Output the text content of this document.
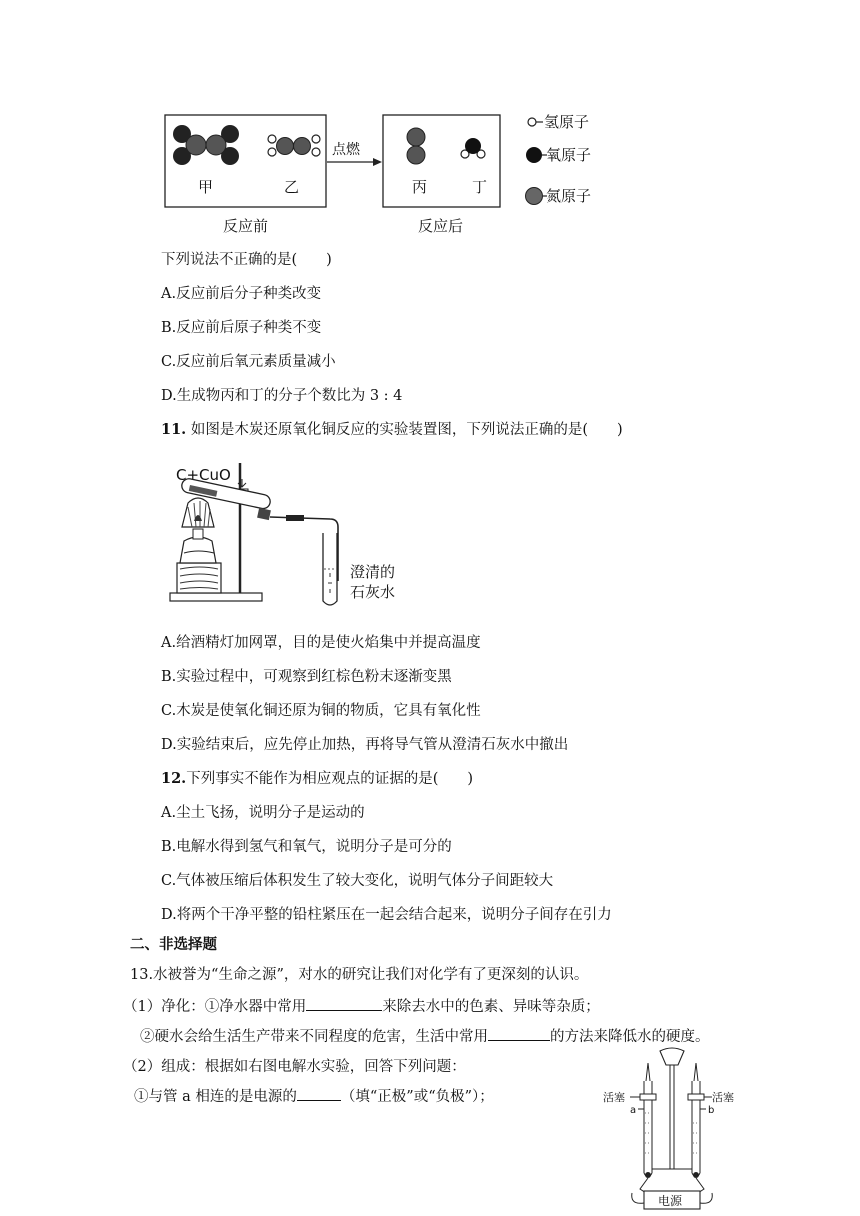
甲	乙
点燃
丙	丁
反应前	反应后
氢原子
氧原子
氮原子
下列说法不正确的是(　　)
A.反应前后分子种类改变
B.反应前后原子种类不变
C.反应前后氧元素质量减小
D.生成物丙和丁的分子个数比为 3 : 4
11. 如图是木炭还原氧化铜反应的实验装置图，下列说法正确的是(　　)
C+CuO
澄清的
石灰水
A.给酒精灯加网罩，目的是使火焰集中并提高温度
B.实验过程中，可观察到红棕色粉末逐渐变黑
C.木炭是使氧化铜还原为铜的物质，它具有氧化性
D.实验结束后，应先停止加热，再将导气管从澄清石灰水中撤出
12.下列事实不能作为相应观点的证据的是(　　)
A.尘土飞扬，说明分子是运动的
B.电解水得到氢气和氧气，说明分子是可分的
C.气体被压缩后体积发生了较大变化，说明气体分子间距较大
D.将两个干净平整的铅柱紧压在一起会结合起来，说明分子间存在引力
二、非选择题
13.水被誉为“生命之源”，对水的研究让我们对化学有了更深刻的认识。
（1）净化：①净水器中常用	来除去水中的色素、异味等杂质；
②硬水会给生活生产带来不同程度的危害，生活中常用	的方法来降低水的硬度。
（2）组成：根据如右图电解水实验，回答下列问题：
①与管 a 相连的是电源的	（填“正极”或“负极”）；	活塞	活塞
a	b
电源
